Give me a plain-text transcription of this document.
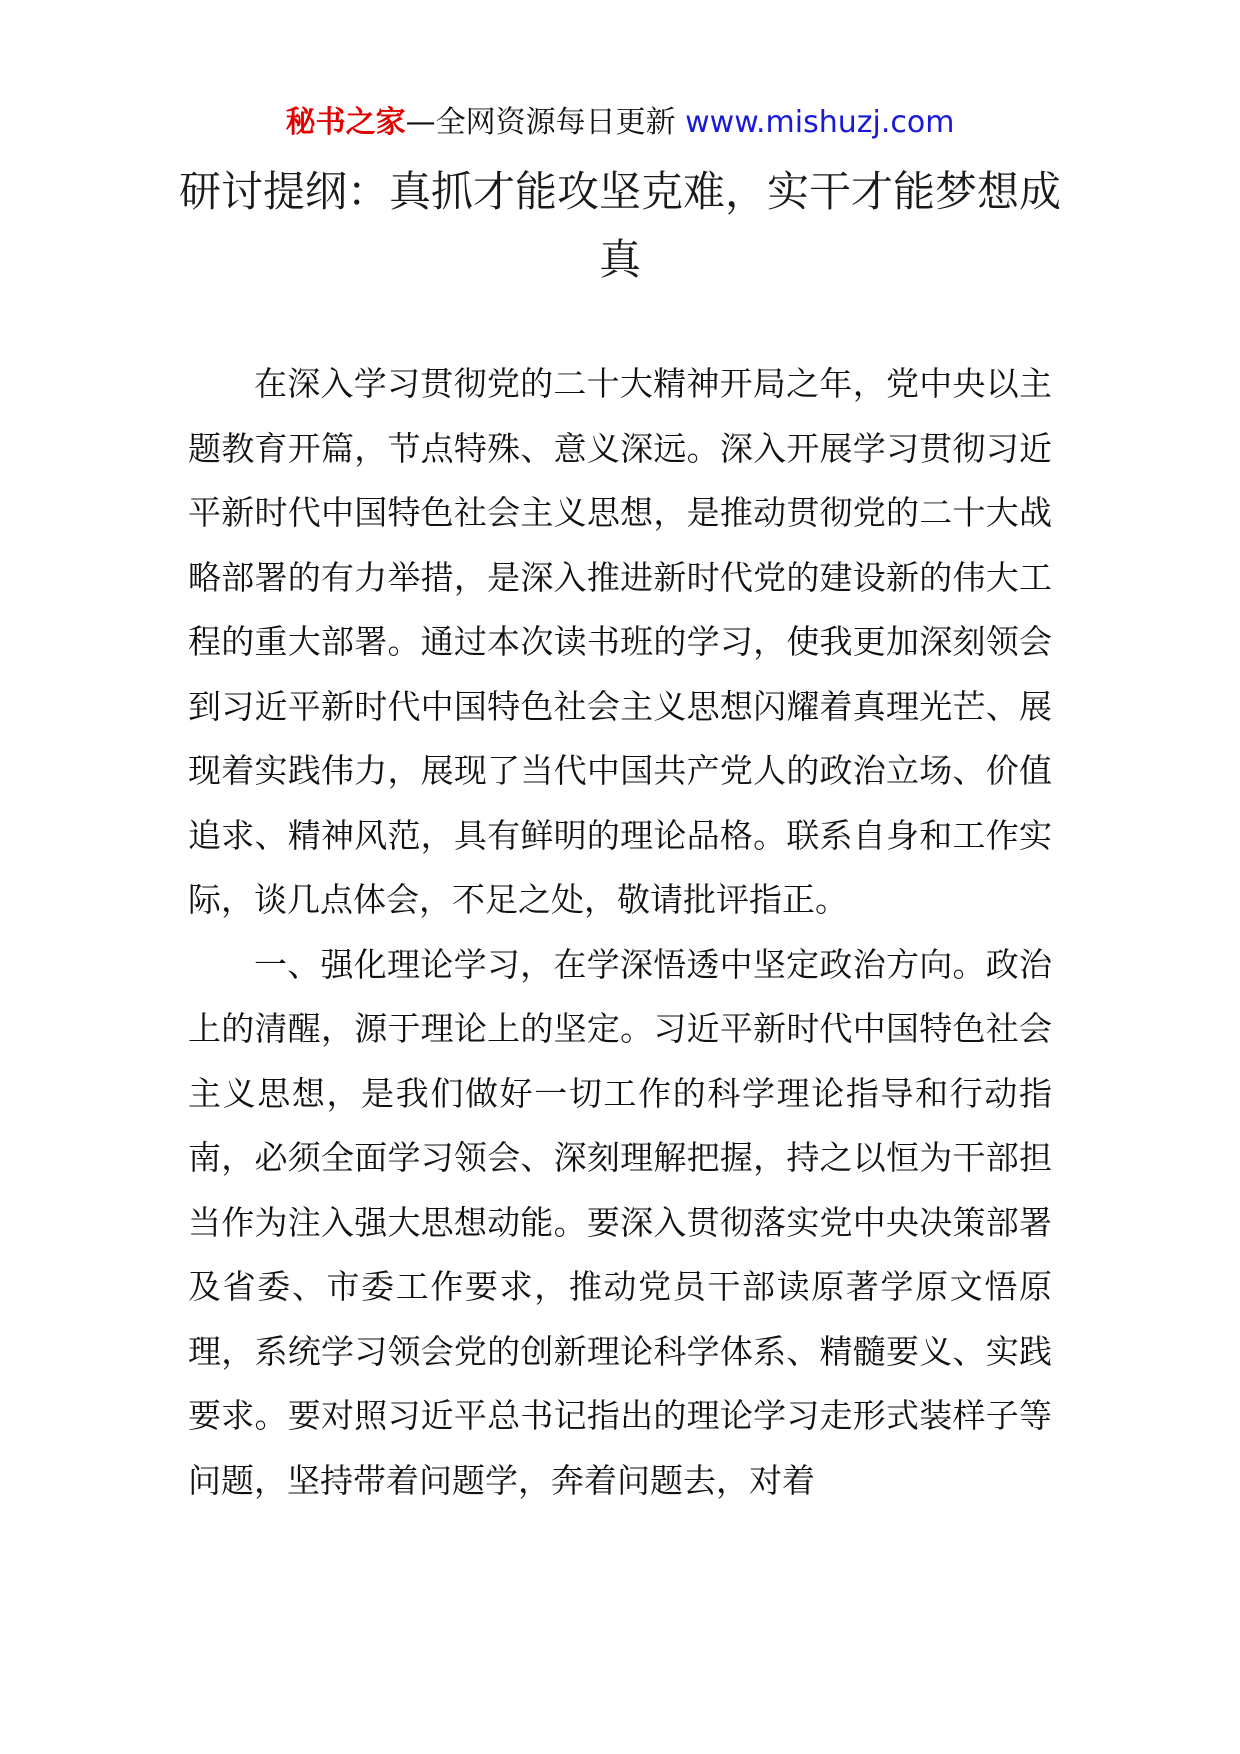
秘书之家—全网资源每日更新 www.mishuzj.com
研讨提纲：真抓才能攻坚克难，实干才能梦想成真

在深入学习贯彻党的二十大精神开局之年，党中央以主题教育开篇，节点特殊、意义深远。深入开展学习贯彻习近平新时代中国特色社会主义思想，是推动贯彻党的二十大战略部署的有力举措，是深入推进新时代党的建设新的伟大工程的重大部署。通过本次读书班的学习，使我更加深刻领会到习近平新时代中国特色社会主义思想闪耀着真理光芒、展现着实践伟力，展现了当代中国共产党人的政治立场、价值追求、精神风范，具有鲜明的理论品格。联系自身和工作实际，谈几点体会，不足之处，敬请批评指正。

一、强化理论学习，在学深悟透中坚定政治方向。政治上的清醒，源于理论上的坚定。习近平新时代中国特色社会主义思想，是我们做好一切工作的科学理论指导和行动指南，必须全面学习领会、深刻理解把握，持之以恒为干部担当作为注入强大思想动能。要深入贯彻落实党中央决策部署及省委、市委工作要求，推动党员干部读原著学原文悟原理，系统学习领会党的创新理论科学体系、精髓要义、实践要求。要对照习近平总书记指出的理论学习走形式装样子等问题，坚持带着问题学，奔着问题去，对着
